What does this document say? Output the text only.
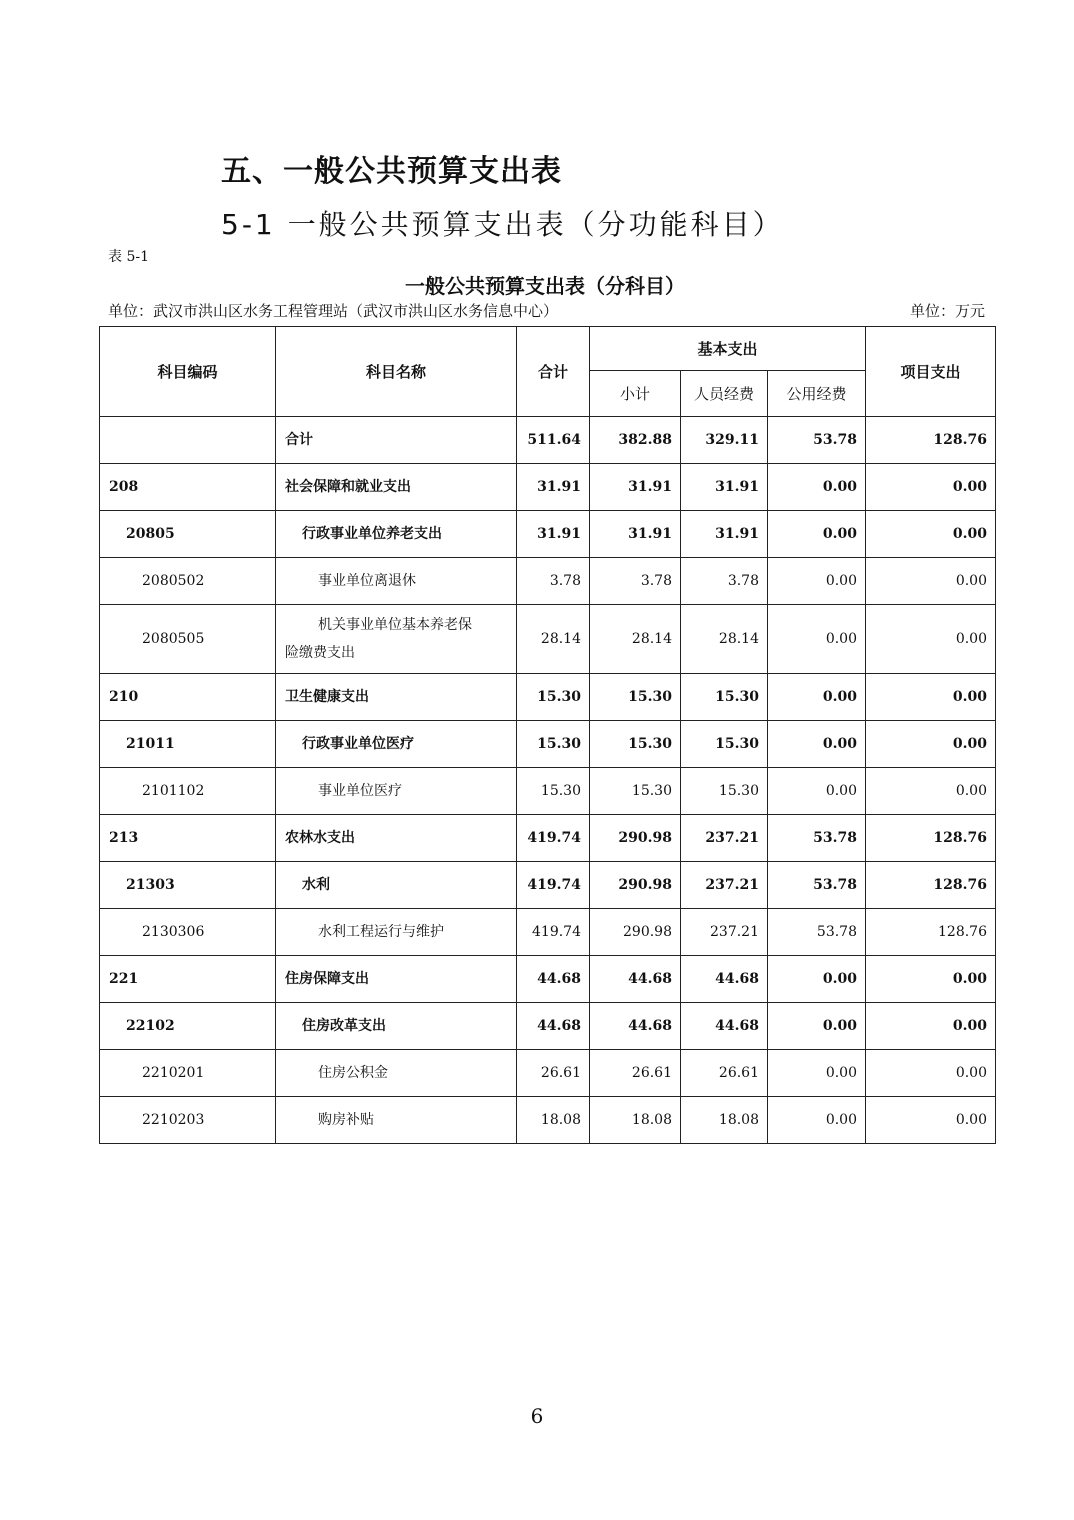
五、一般公共预算支出表
5-1 一般公共预算支出表（分功能科目）
表 5-1
一般公共预算支出表（分科目）
单位：武汉市洪山区水务工程管理站（武汉市洪山区水务信息中心）	单位：万元
科目编码	科目名称	合计	基本支出			项目支出
			小计	人员经费	公用经费	
	合计	511.64	382.88	329.11	53.78	128.76
208	社会保障和就业支出	31.91	31.91	31.91	0.00	0.00
20805	行政事业单位养老支出	31.91	31.91	31.91	0.00	0.00
2080502	事业单位离退休	3.78	3.78	3.78	0.00	0.00
2080505	机关事业单位基本养老保
险缴费支出	28.14	28.14	28.14	0.00	0.00
210	卫生健康支出	15.30	15.30	15.30	0.00	0.00
21011	行政事业单位医疗	15.30	15.30	15.30	0.00	0.00
2101102	事业单位医疗	15.30	15.30	15.30	0.00	0.00
213	农林水支出	419.74	290.98	237.21	53.78	128.76
21303	水利	419.74	290.98	237.21	53.78	128.76
2130306	水利工程运行与维护	419.74	290.98	237.21	53.78	128.76
221	住房保障支出	44.68	44.68	44.68	0.00	0.00
22102	住房改革支出	44.68	44.68	44.68	0.00	0.00
2210201	住房公积金	26.61	26.61	26.61	0.00	0.00
2210203	购房补贴	18.08	18.08	18.08	0.00	0.00
6
